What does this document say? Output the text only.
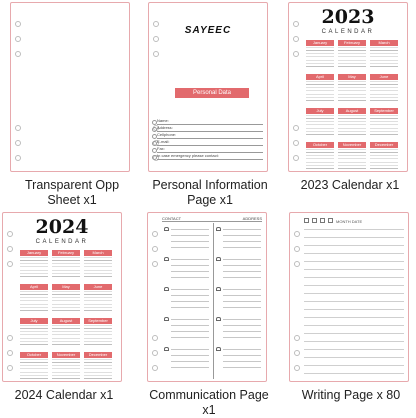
Transparent Opp
Sheet x1
SAYEEC
Personal Data
Name:
Address:
Cellphone:
E-mail:
Fax:
In case emergency please contact:
Personal Information
Page x1
2023
CALENDAR
January	February	March
April	May	June
July	August	September
October	November	December
2023 Calendar x1
2024
CALENDAR
January	February	March
April	May	June
July	August	September
October	November	December
2024 Calendar x1
CONTACT	ADDRESS
Communication Page x1
MONTH DATE
Writing Page x 80
